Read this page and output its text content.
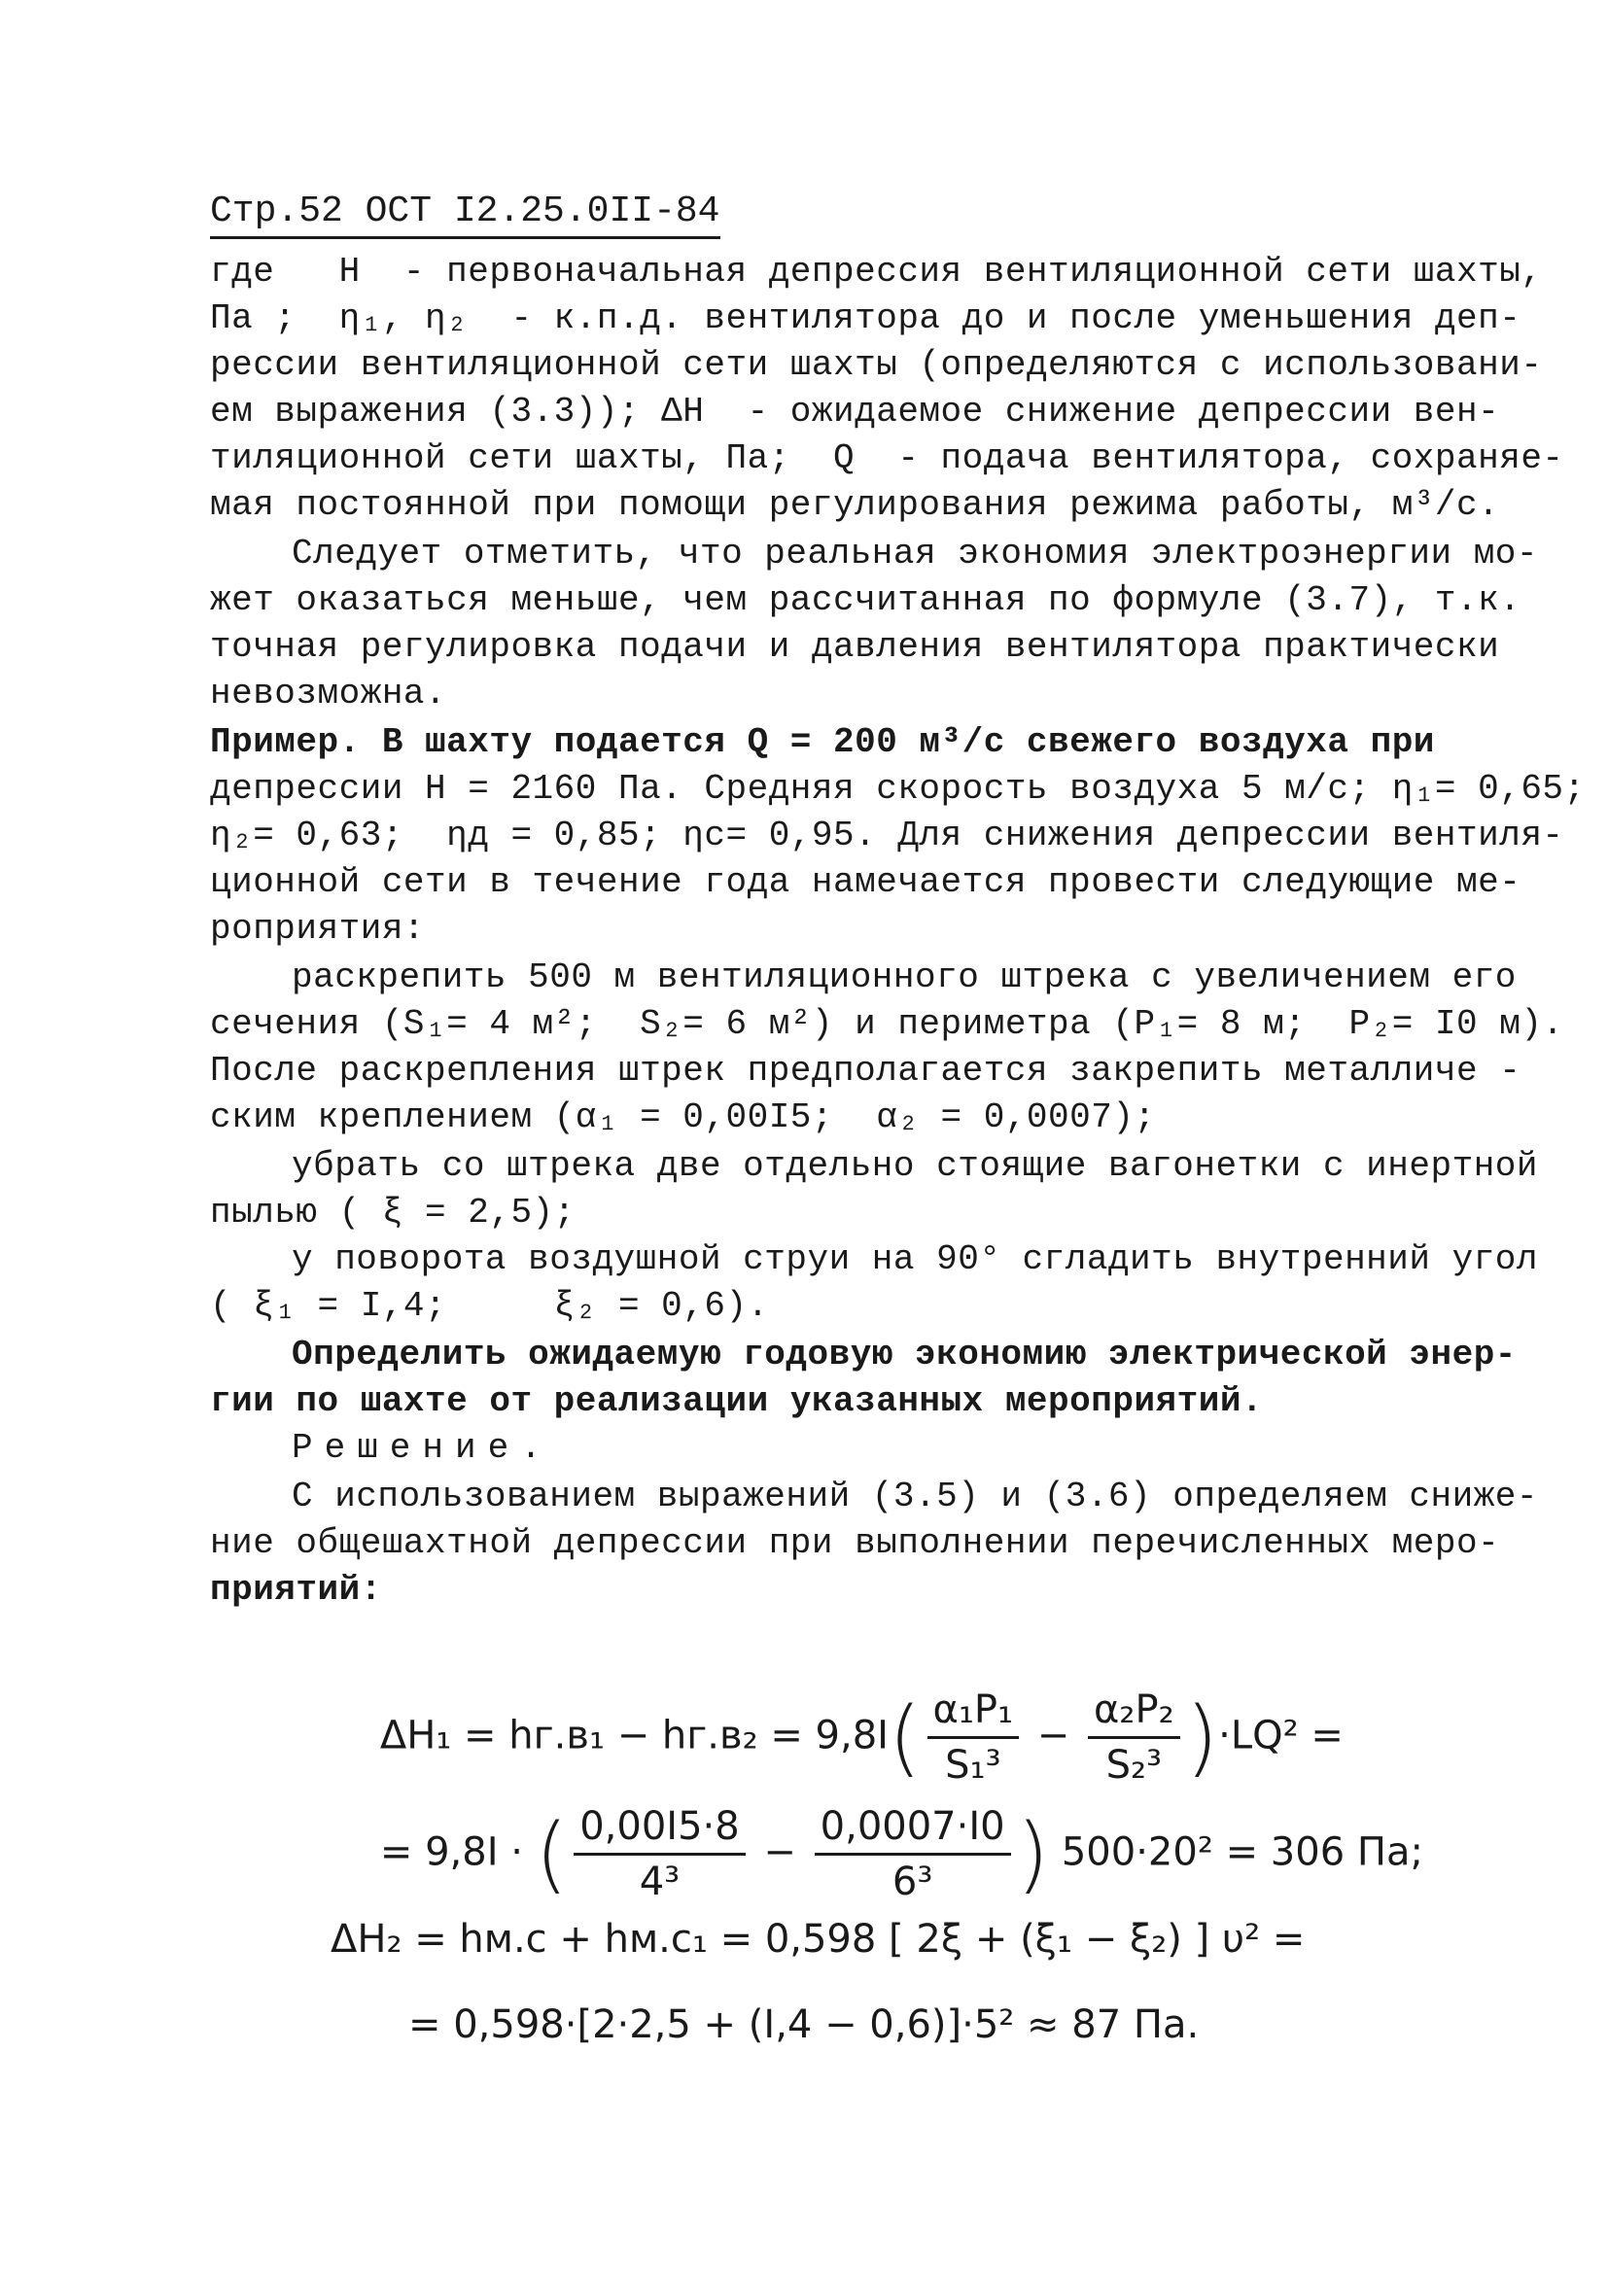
Стр.52 ОСТ I2.25.0II-84
где   Н  - первоначальная депрессия вентиляционной сети шахты,
Па ;  η₁, η₂  - к.п.д. вентилятора до и после уменьшения деп-
рессии вентиляционной сети шахты (определяются с использовани-
ем выражения (3.3)); ΔН  - ожидаемое снижение депрессии вен-
тиляционной сети шахты, Па;  Q  - подача вентилятора, сохраняе-
мая постоянной при помощи регулирования режима работы, м³/с.
Следует отметить, что реальная экономия электроэнергии мо-
жет оказаться меньше, чем рассчитанная по формуле (3.7), т.к.
точная регулировка подачи и давления вентилятора практически
невозможна.
Пример. В шахту подается Q = 200 м³/с свежего воздуха при
депрессии Н = 2160 Па. Средняя скорость воздуха 5 м/с; η₁= 0,65;
η₂= 0,63;  ηд = 0,85; ηс= 0,95. Для снижения депрессии вентиля-
ционной сети в течение года намечается провести следующие ме-
роприятия:
раскрепить 500 м вентиляционного штрека с увеличением его
сечения (S₁= 4 м²;  S₂= 6 м²) и периметра (P₁= 8 м;  P₂= I0 м).
После раскрепления штрек предполагается закрепить металличе -
ским креплением (α₁ = 0,00I5;  α₂ = 0,0007);
убрать со штрека две отдельно стоящие вагонетки с инертной
пылью ( ξ = 2,5);
у поворота воздушной струи на 90° сгладить внутренний угол
( ξ₁ = I,4;     ξ₂ = 0,6).
Определить ожидаемую годовую экономию электрической энер-
гии по шахте от реализации указанных мероприятий.
Решение.
С использованием выражений (3.5) и (3.6) определяем сниже-
ние общешахтной депрессии при выполнении перечисленных меро-
приятий:

$\Delta Н_1 = hг.в_1 - hг.в_2 = 9,8I( \frac{\text{α₁P₁}}{\text{S₁³}} - \frac{\text{α₂P₂}}{\text{S₂³}} )\cdot LQ^2$ =

= 9,8I · ( $\frac{0,00I5\cdot 8}{\text{4³}} - \frac{0,0007\cdot I0}{\text{6³}}$ ) 500·20² = 306 Па;

ΔН₂ = hм.с + hм.с₁ = 0,598 [ 2ξ + (ξ₁ − ξ₂) ] υ² =
= 0,598·[2·2,5 + (I,4 − 0,6)]·5² ≈ 87 Па.
